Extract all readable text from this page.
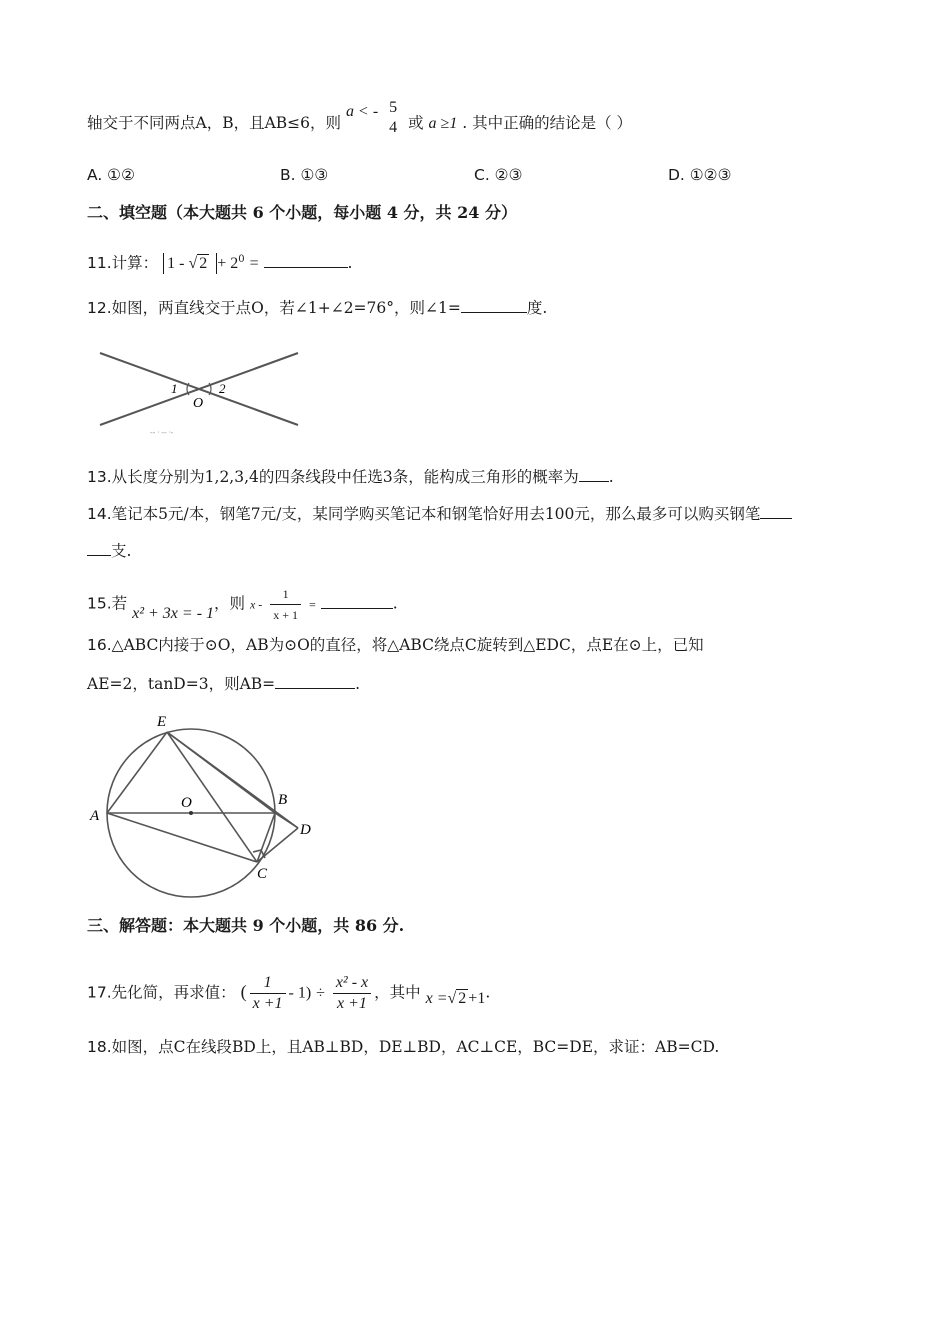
轴交于不同两点A，B，且AB≤6，则 a < - 5
4 或 a ≥1 . 其中正确的结论是（ ）
A. ①②	B. ①③	C. ②③	D. ①②③
二、填空题（本大题共 6 个小题，每小题 4 分，共 24 分）
11.计算： 1 - √ $2 + 2^0$ =	.
12.如图，两直线交于点O，若∠1+∠2=76°，则∠1=	度.
1	2
O
-- · -- ·-
13.从长度分别为1,2,3,4的四条线段中任选3条，能构成三角形的概率为 .
14.笔记本5元/本，钢笔7元/支，某同学购买笔记本和钢笔恰好用去100元，那么最多可以购买钢笔
支.
15.若 x² + 3x = - 1，则 x - $\frac{1}{x + 1}$ =	.
16.△ABC内接于⊙O，AB为⊙O的直径，将△ABC绕点C旋转到△EDC，点E在⊙上，已知
AE=2，tanD=3，则AB=	.
E
A
O	B
D
C
三、解答题：本大题共 9 个小题，共 86 分.
17.先化简，再求值： ( $\frac{1}{x +1} - 1) \div \frac{\text{x² - x}}{x +1}$ ，其中 x =√ 2 +1.
18.如图，点C在线段BD上，且AB⊥BD，DE⊥BD，AC⊥CE，BC=DE，求证：AB=CD.
